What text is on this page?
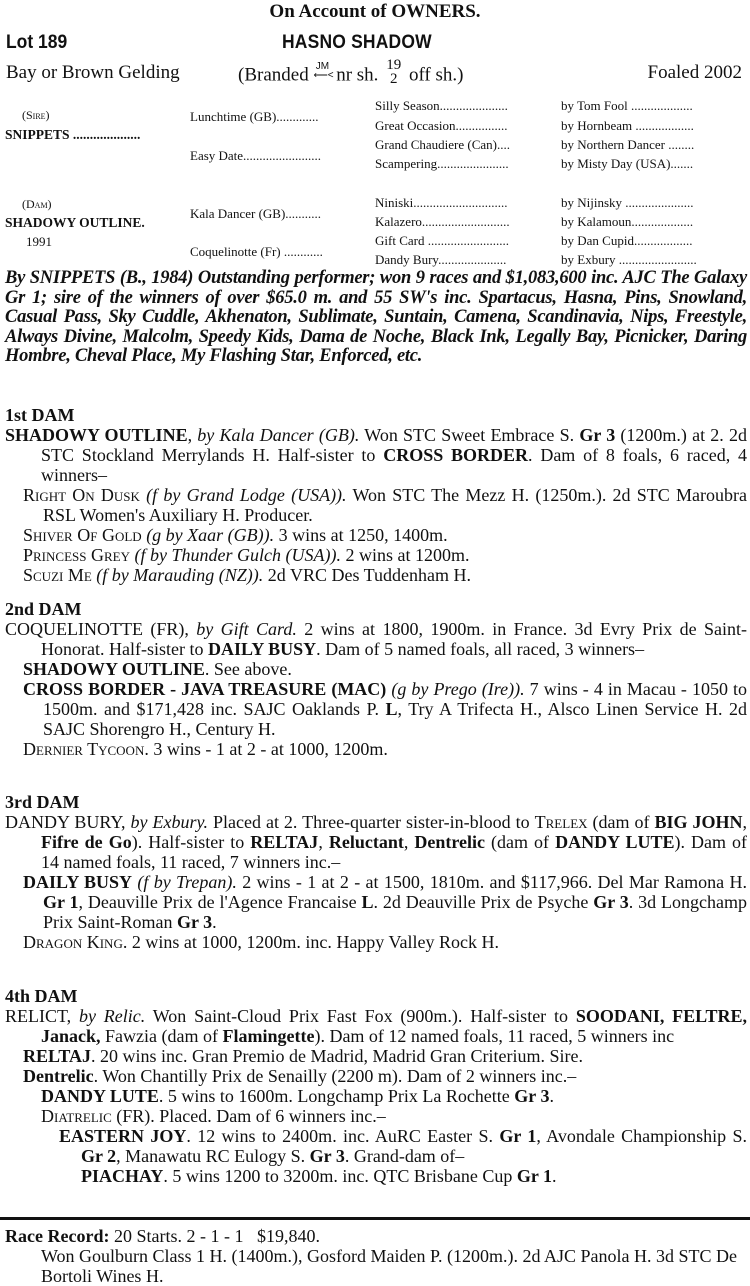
On Account of OWNERS.
Lot 189	HASNO SHADOW
Bay or Brown Gelding	(Branded JM
⟵< nr sh. 19
2 off sh.)	Foaled 2002
(Sire)
SNIPPETS ....................
(Dam)
SHADOWY OUTLINE.
1991
Lunchtime (GB).............
Easy Date........................
Kala Dancer (GB)...........
Coquelinotte (Fr) ............
Silly Season.....................	by Tom Fool ...................
Great Occasion................	by Hornbeam ..................
Grand Chaudiere (Can)....	by Northern Dancer ........
Scampering......................	by Misty Day (USA).......
Niniski.............................	by Nijinsky .....................
Kalazero...........................	by Kalamoun...................
Gift Card .........................	by Dan Cupid..................
Dandy Bury.....................	by Exbury ........................
By SNIPPETS (B., 1984) Outstanding performer; won 9 races and $1,083,600 inc. AJC The Galaxy Gr 1; sire of the winners of over $65.0 m. and 55 SW's inc. Spartacus, Hasna, Pins, Snowland, Casual Pass, Sky Cuddle, Akhenaton, Sublimate, Suntain, Camena, Scandinavia, Nips, Freestyle, Always Divine, Malcolm, Speedy Kids, Dama de Noche, Black Ink, Legally Bay, Picnicker, Daring Hombre, Cheval Place, My Flashing Star, Enforced, etc.
1st DAM
SHADOWY OUTLINE, by Kala Dancer (GB). Won STC Sweet Embrace S. Gr 3 (1200m.) at 2. 2d STC Stockland Merrylands H. Half-sister to CROSS BORDER. Dam of 8 foals, 6 raced, 4 winners–
Right On Dusk (f by Grand Lodge (USA)). Won STC The Mezz H. (1250m.). 2d STC Maroubra RSL Women's Auxiliary H. Producer.
Shiver Of Gold (g by Xaar (GB)). 3 wins at 1250, 1400m.
Princess Grey (f by Thunder Gulch (USA)). 2 wins at 1200m.
Scuzi Me (f by Marauding (NZ)). 2d VRC Des Tuddenham H.
2nd DAM
COQUELINOTTE (FR), by Gift Card. 2 wins at 1800, 1900m. in France. 3d Evry Prix de Saint-Honorat. Half-sister to DAILY BUSY. Dam of 5 named foals, all raced, 3 winners–
SHADOWY OUTLINE. See above.
CROSS BORDER - JAVA TREASURE (MAC) (g by Prego (Ire)). 7 wins - 4 in Macau - 1050 to 1500m. and $171,428 inc. SAJC Oaklands P. L, Try A Trifecta H., Alsco Linen Service H. 2d SAJC Shorengro H., Century H.
Dernier Tycoon. 3 wins - 1 at 2 - at 1000, 1200m.
3rd DAM
DANDY BURY, by Exbury. Placed at 2. Three-quarter sister-in-blood to Trelex (dam of BIG JOHN, Fifre de Go). Half-sister to RELTAJ, Reluctant, Dentrelic (dam of DANDY LUTE). Dam of 14 named foals, 11 raced, 7 winners inc.–
DAILY BUSY (f by Trepan). 2 wins - 1 at 2 - at 1500, 1810m. and $117,966. Del Mar Ramona H. Gr 1, Deauville Prix de l'Agence Francaise L. 2d Deauville Prix de Psyche Gr 3. 3d Longchamp Prix Saint-Roman Gr 3.
Dragon King. 2 wins at 1000, 1200m. inc. Happy Valley Rock H.
4th DAM
RELICT, by Relic. Won Saint-Cloud Prix Fast Fox (900m.). Half-sister to SOODANI, FELTRE, Janack, Fawzia (dam of Flamingette). Dam of 12 named foals, 11 raced, 5 winners inc
RELTAJ. 20 wins inc. Gran Premio de Madrid, Madrid Gran Criterium. Sire.
Dentrelic. Won Chantilly Prix de Senailly (2200 m). Dam of 2 winners inc.–
DANDY LUTE. 5 wins to 1600m. Longchamp Prix La Rochette Gr 3.
Diatrelic (FR). Placed. Dam of 6 winners inc.–
EASTERN JOY. 12 wins to 2400m. inc. AuRC Easter S. Gr 1, Avondale Championship S. Gr 2, Manawatu RC Eulogy S. Gr 3. Grand-dam of–
PIACHAY. 5 wins 1200 to 3200m. inc. QTC Brisbane Cup Gr 1.
Race Record: 20 Starts. 2 - 1 - 1   $19,840.
Won Goulburn Class 1 H. (1400m.), Gosford Maiden P. (1200m.). 2d AJC Panola H. 3d STC De Bortoli Wines H.
